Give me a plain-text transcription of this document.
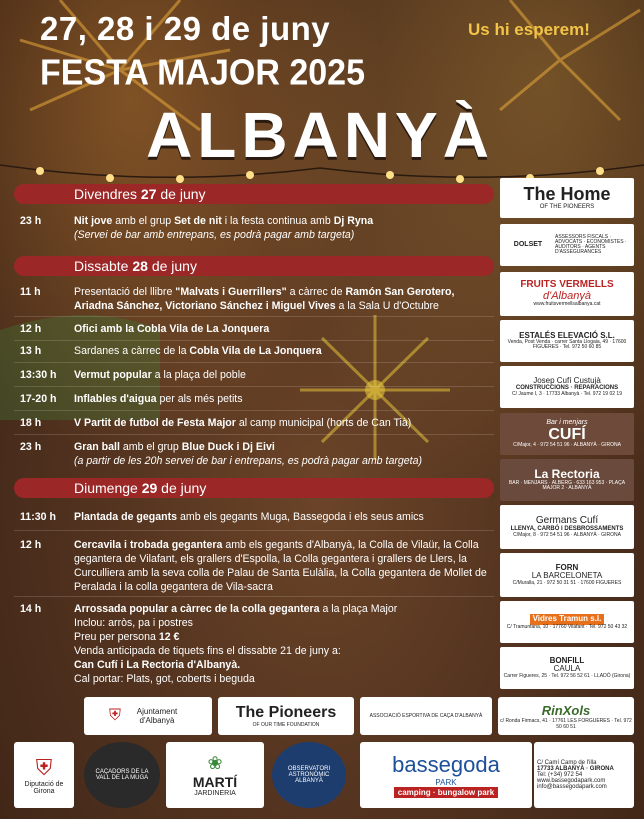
27, 28 i 29 de juny
FESTA MAJOR 2025
Us hi esperem!
ALBANYÀ
Divendres 27 de juny
23 h	Nit jove amb el grup Set de nit i la festa continua amb Dj Ryna
(Servei de bar amb entrepans, es podrà pagar amb targeta)
Dissabte 28 de juny
11 h	Presentació del llibre "Malvats i Guerrillers" a càrrec de Ramón San Gerotero, Ariadna Sánchez, Victoriano Sánchez i Miguel Vives a la Sala U d'Octubre
12 h	Ofici amb la Cobla Vila de La Jonquera
13 h	Sardanes a càrrec de la Cobla Vila de La Jonquera
13:30 h	Vermut popular a la plaça del poble
17-20 h	Inflables d'aigua per als més petits
18 h	V Partit de futbol de Festa Major al camp municipal (horts de Can Tià)
23 h	Gran ball amb el grup Blue Duck i Dj Eivi
(a partir de les 20h servei de bar i entrepans, es podrà pagar amb targeta)
Diumenge 29 de juny
11:30 h	Plantada de gegants amb els gegants Muga, Bassegoda i els seus amics
12 h	Cercavila i trobada gegantera amb els gegants d'Albanyà, la Colla de Vilaür, la Colla gegantera de Vilafant, els grallers d'Espolla, la Colla gegantera i grallers de Llers, la Curculliera amb la seva colla de Palau de Santa Eulàlia, la Colla gegantera de Mollet de Peralada i la colla gegantera de Vila-sacra
14 h	Arrossada popular a càrrec de la colla gegantera a la plaça Major
Inclou: arròs, pa i postres
Preu per persona 12 €
Venda anticipada de tiquets fins el dissabte 21 de juny a:
Can Cufí i La Rectoria d'Albanyà.
Cal portar: Plats, got, coberts i beguda
The Home
OF THE PIONEERS
DOLSET
ASSESSORS FISCALS · ADVOCATS · ECONOMISTES · AUDITORS · AGENTS D'ASSEGURANCES
FRUITS VERMELLS
d'Albanyà
www.fruitsvermellsalbanya.cat
ESTALÉS ELEVACIÓ S.L.
Venda, Post Venda · carrer Santa Llogaia, 49 · 17600 FIGUERES · Tel. 972 50 60 85
Josep Cufí Custujà
CONSTRUCCIONS · REPARACIONS
C/ Jaume I, 3 · 17733 Albanyà · Tel. 972 19 02 19
Bar i menjars
CUFÍ
C/Major, 4 · 972 54 51 96 · ALBANYÀ · GIRONA
La Rectoria
BAR · MENJARS · ALBERG · 633 163 953 · PLAÇA MAJOR 2 · ALBANYÀ
Germans Cufí
LLENYA, CARBÓ I DESBROSSAMENTS
C/Major, 8 · 972 54 51 96 · ALBANYÀ · GIRONA
FORN
LA BARCELONETA
C/Muralla, 21 · 972 50 31 51 · 17600 FIGUERES
Vidres Tramun s.l.
C/ Tramuntana, 10 · 17760 Vilafant · Tel. 972 50 43 32
BONFILL
CAULA
Carrer Figueres, 25 · Tel. 972 56 52 61 · LLADÓ (Girona)
⛨	Ajuntament d'Albanyà	The Pioneers
OF OUR TIME FOUNDATION
ASSOCIACIÓ ESPORTIVA DE CAÇA D'ALBANYÀ	RinXols
c/ Ronda Firmacs, 41 · 17761 LES FORGUERES · Tel. 972 50 60 51
⛨
Diputació de Girona
CAÇADORS DE LA VALL DE LA MUGA
❀
MARTÍ
JARDINERIA
OBSERVATORI ASTRONÒMIC ALBANYÀ
bassegoda
PARK
camping · bungalow park
C/ Camí Camp de l'illa
17733 ALBANYÀ · GIRONA
Tel: (+34) 972 54
www.bassegodapark.com
info@bassegodapark.com
